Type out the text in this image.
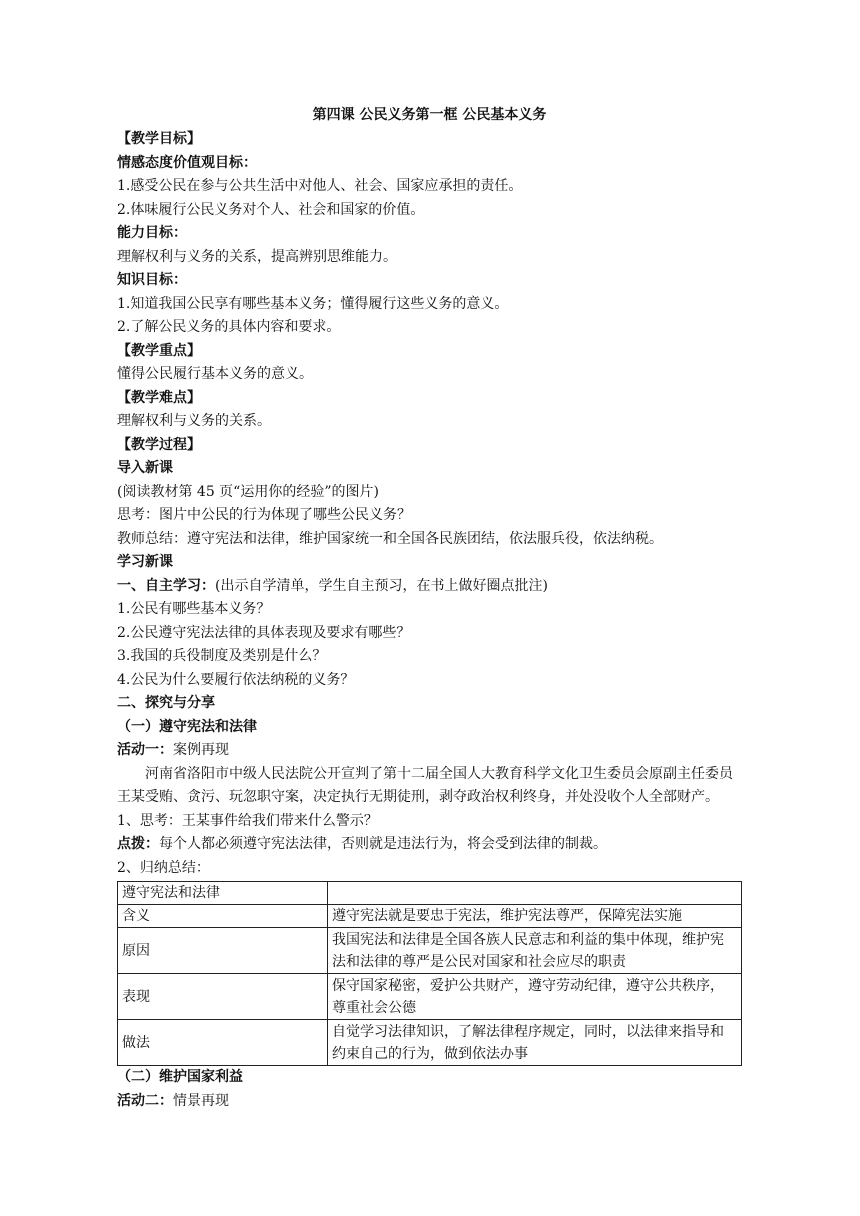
第四课 公民义务第一框 公民基本义务
【教学目标】
情感态度价值观目标：
1.感受公民在参与公共生活中对他人、社会、国家应承担的责任。
2.体味履行公民义务对个人、社会和国家的价值。
能力目标：
理解权利与义务的关系，提高辨别思维能力。
知识目标：
1.知道我国公民享有哪些基本义务；懂得履行这些义务的意义。
2.了解公民义务的具体内容和要求。
【教学重点】
懂得公民履行基本义务的意义。
【教学难点】
理解权利与义务的关系。
【教学过程】
导入新课
(阅读教材第 45 页“运用你的经验”的图片)
思考：图片中公民的行为体现了哪些公民义务？
教师总结：遵守宪法和法律，维护国家统一和全国各民族团结，依法服兵役，依法纳税。
学习新课
一、自主学习：(出示自学清单，学生自主预习，在书上做好圈点批注)
1.公民有哪些基本义务？
2.公民遵守宪法法律的具体表现及要求有哪些？
3.我国的兵役制度及类别是什么？
4.公民为什么要履行依法纳税的义务？
二、探究与分享
（一）遵守宪法和法律
活动一：案例再现
河南省洛阳市中级人民法院公开宣判了第十二届全国人大教育科学文化卫生委员会原副主任委员王某受贿、贪污、玩忽职守案，决定执行无期徒刑，剥夺政治权利终身，并处没收个人全部财产。
1、思考：王某事件给我们带来什么警示？
点拨：每个人都必须遵守宪法法律，否则就是违法行为，将会受到法律的制裁。
2、归纳总结：
遵守宪法和法律	
含义	遵守宪法就是要忠于宪法，维护宪法尊严，保障宪法实施
原因	我国宪法和法律是全国各族人民意志和利益的集中体现，维护宪法和法律的尊严是公民对国家和社会应尽的职责
表现	保守国家秘密，爱护公共财产，遵守劳动纪律，遵守公共秩序，尊重社会公德
做法	自觉学习法律知识，了解法律程序规定，同时，以法律来指导和约束自己的行为，做到依法办事
（二）维护国家利益
活动二：情景再现
